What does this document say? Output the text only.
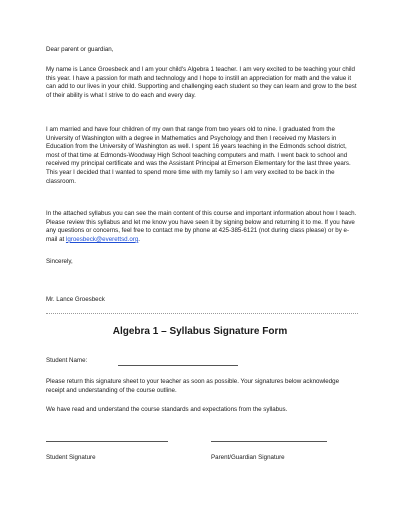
Dear parent or guardian,

My name is Lance Groesbeck and I am your child's Algebra 1 teacher. I am very excited to be teaching your child this year. I have a passion for math and technology and I hope to instill an appreciation for math and the value it can add to our lives in your child. Supporting and challenging each student so they can learn and grow to the best of their ability is what I strive to do each and every day.

I am married and have four children of my own that range from two years old to nine. I graduated from the University of Washington with a degree in Mathematics and Psychology and then I received my Masters in Education from the University of Washington as well. I spent 16 years teaching in the Edmonds school district, most of that time at Edmonds-Woodway High School teaching computers and math. I went back to school and received my principal certificate and was the Assistant Principal at Emerson Elementary for the last three years. This year I decided that I wanted to spend more time with my family so I am very excited to be back in the classroom.

In the attached syllabus you can see the main content of this course and important information about how I teach. Please review this syllabus and let me know you have seen it by signing below and returning it to me. If you have any questions or concerns, feel free to contact me by phone at 425-385-6121 (not during class please) or by e-mail at lgroesbeck@everettsd.org.

Sincerely,

Mr. Lance Groesbeck

Algebra 1 – Syllabus Signature Form

Student Name:

Please return this signature sheet to your teacher as soon as possible. Your signatures below acknowledge receipt and understanding of the course outline.

We have read and understand the course standards and expectations from the syllabus.

Student Signature	Parent/Guardian Signature
